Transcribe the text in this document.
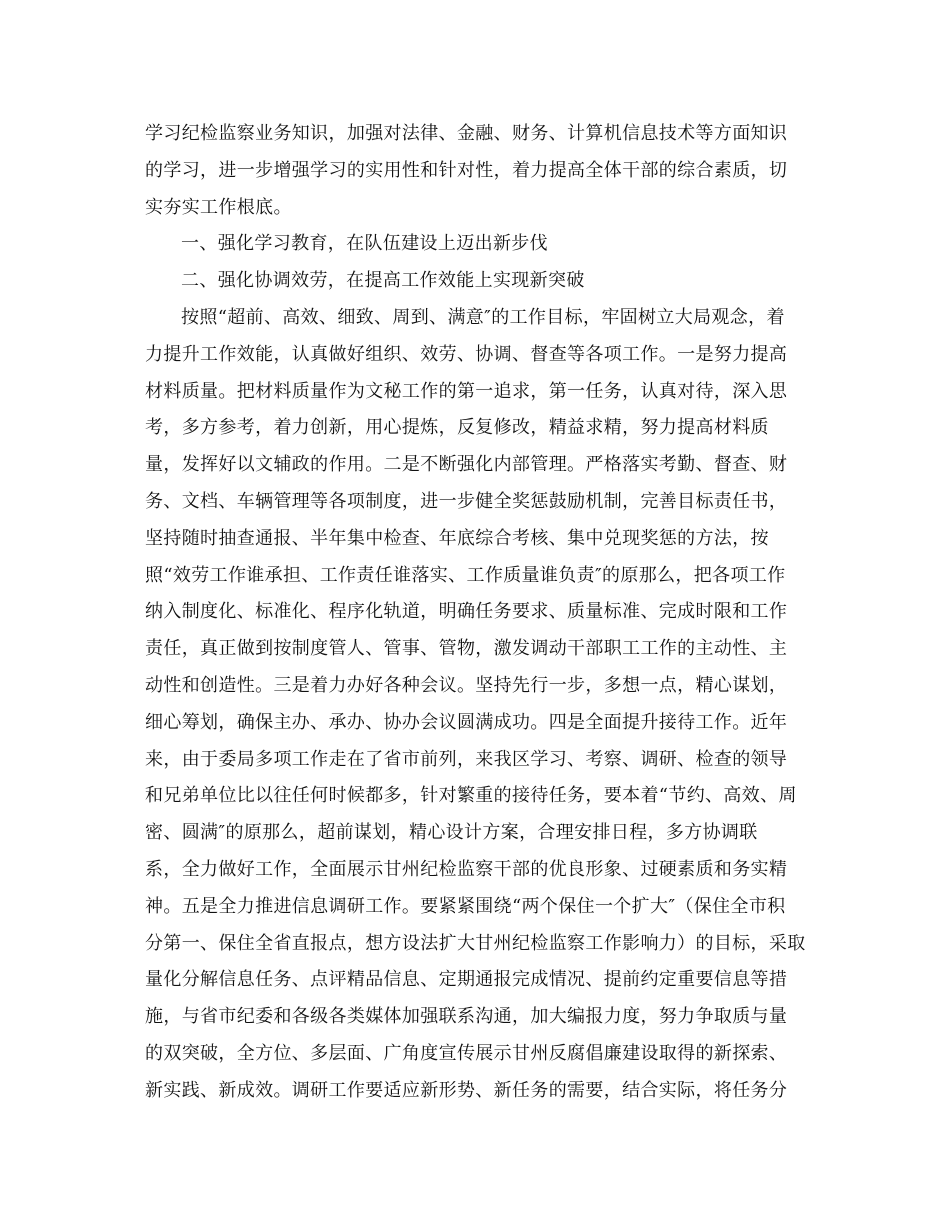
学习纪检监察业务知识，加强对法律、金融、财务、计算机信息技术等方面知识
的学习，进一步增强学习的实用性和针对性，着力提高全体干部的综合素质，切
实夯实工作根底。
一、强化学习教育，在队伍建设上迈出新步伐
二、强化协调效劳，在提高工作效能上实现新突破
按照“超前、高效、细致、周到、满意″的工作目标，牢固树立大局观念，着
力提升工作效能，认真做好组织、效劳、协调、督查等各项工作。一是努力提高
材料质量。把材料质量作为文秘工作的第一追求，第一任务，认真对待，深入思
考，多方参考，着力创新，用心提炼，反复修改，精益求精，努力提高材料质
量，发挥好以文辅政的作用。二是不断强化内部管理。严格落实考勤、督查、财
务、文档、车辆管理等各项制度，进一步健全奖惩鼓励机制，完善目标责任书，
坚持随时抽查通报、半年集中检查、年底综合考核、集中兑现奖惩的方法，按
照“效劳工作谁承担、工作责任谁落实、工作质量谁负责″的原那么，把各项工作
纳入制度化、标准化、程序化轨道，明确任务要求、质量标准、完成时限和工作
责任，真正做到按制度管人、管事、管物，激发调动干部职工工作的主动性、主
动性和创造性。三是着力办好各种会议。坚持先行一步，多想一点，精心谋划，
细心筹划，确保主办、承办、协办会议圆满成功。四是全面提升接待工作。近年
来，由于委局多项工作走在了省市前列，来我区学习、考察、调研、检查的领导
和兄弟单位比以往任何时候都多，针对繁重的接待任务，要本着“节约、高效、周
密、圆满″的原那么，超前谋划，精心设计方案，合理安排日程，多方协调联
系，全力做好工作，全面展示甘州纪检监察干部的优良形象、过硬素质和务实精
神。五是全力推进信息调研工作。要紧紧围绕“两个保住一个扩大″（保住全市积
分第一、保住全省直报点，想方设法扩大甘州纪检监察工作影响力）的目标，采取
量化分解信息任务、点评精品信息、定期通报完成情况、提前约定重要信息等措
施，与省市纪委和各级各类媒体加强联系沟通，加大编报力度，努力争取质与量
的双突破，全方位、多层面、广角度宣传展示甘州反腐倡廉建设取得的新探索、
新实践、新成效。调研工作要适应新形势、新任务的需要，结合实际，将任务分
